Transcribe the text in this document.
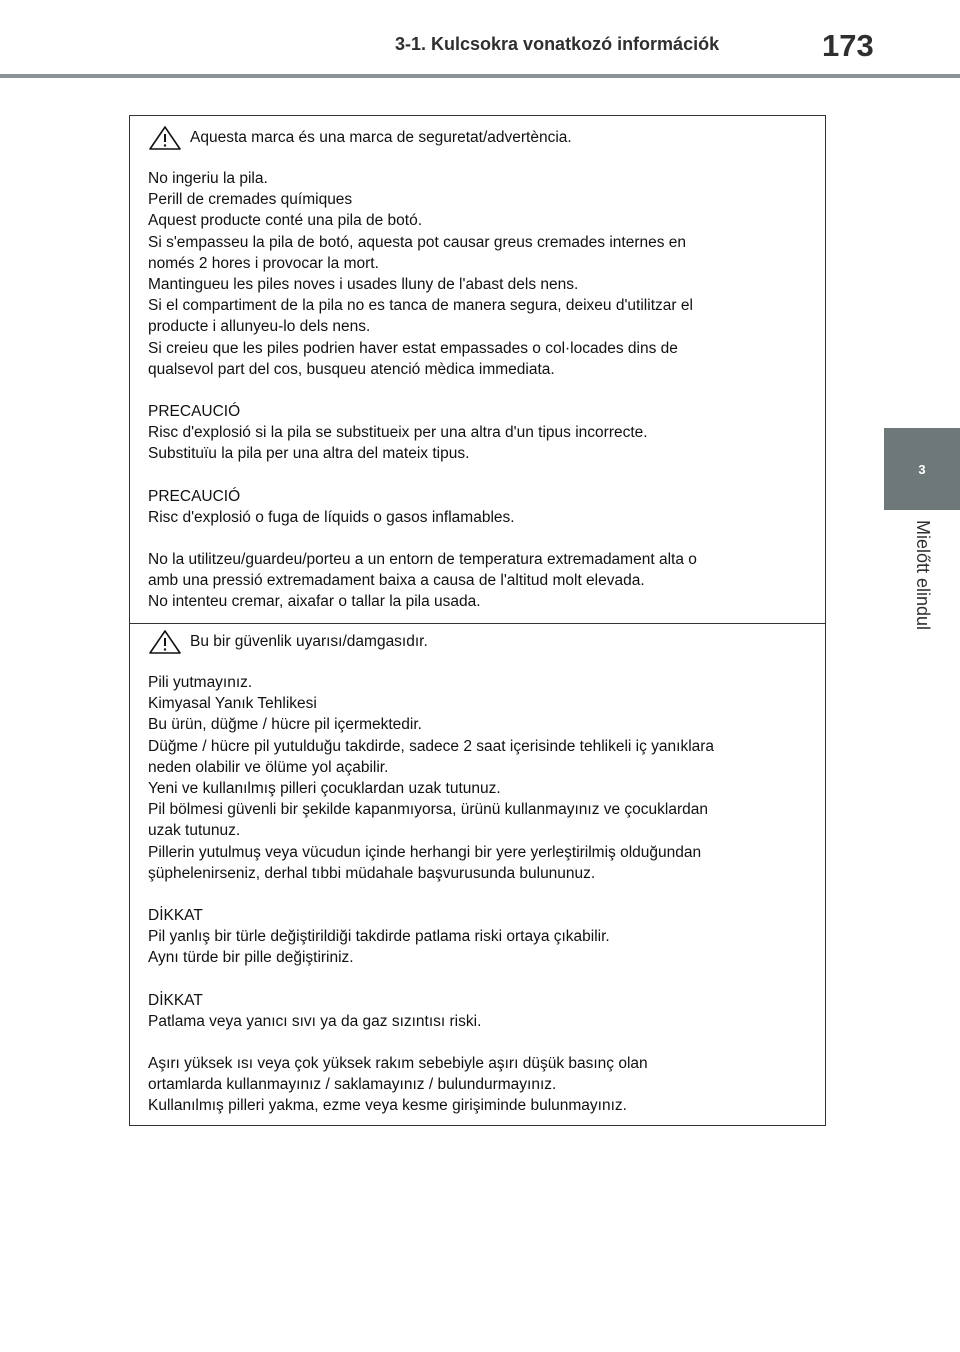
3-1. Kulcsokra vonatkozó információk	173
3
Mielőtt elindul
Aquesta marca és una marca de seguretat/advertència.
No ingeriu la pila.
Perill de cremades químiques
Aquest producte conté una pila de botó.
Si s'empasseu la pila de botó, aquesta pot causar greus cremades internes en
només 2 hores i provocar la mort.
Mantingueu les piles noves i usades lluny de l'abast dels nens.
Si el compartiment de la pila no es tanca de manera segura, deixeu d'utilitzar el
producte i allunyeu-lo dels nens.
Si creieu que les piles podrien haver estat empassades o col·locades dins de
qualsevol part del cos, busqueu atenció mèdica immediata.
PRECAUCIÓ
Risc d'explosió si la pila se substitueix per una altra d'un tipus incorrecte.
Substituïu la pila per una altra del mateix tipus.
PRECAUCIÓ
Risc d'explosió o fuga de líquids o gasos inflamables.
No la utilitzeu/guardeu/porteu a un entorn de temperatura extremadament alta o
amb una pressió extremadament baixa a causa de l'altitud molt elevada.
No intenteu cremar, aixafar o tallar la pila usada.
Bu bir güvenlik uyarısı/damgasıdır.
Pili yutmayınız.
Kimyasal Yanık Tehlikesi
Bu ürün, düğme / hücre pil içermektedir.
Düğme / hücre pil yutulduğu takdirde, sadece 2 saat içerisinde tehlikeli iç yanıklara
neden olabilir ve ölüme yol açabilir.
Yeni ve kullanılmış pilleri çocuklardan uzak tutunuz.
Pil bölmesi güvenli bir şekilde kapanmıyorsa, ürünü kullanmayınız ve çocuklardan
uzak tutunuz.
Pillerin yutulmuş veya vücudun içinde herhangi bir yere yerleştirilmiş olduğundan
şüphelenirseniz, derhal tıbbi müdahale başvurusunda bulununuz.
DİKKAT
Pil yanlış bir türle değiştirildiği takdirde patlama riski ortaya çıkabilir.
Aynı türde bir pille değiştiriniz.
DİKKAT
Patlama veya yanıcı sıvı ya da gaz sızıntısı riski.
Aşırı yüksek ısı veya çok yüksek rakım sebebiyle aşırı düşük basınç olan
ortamlarda kullanmayınız / saklamayınız / bulundurmayınız.
Kullanılmış pilleri yakma, ezme veya kesme girişiminde bulunmayınız.
